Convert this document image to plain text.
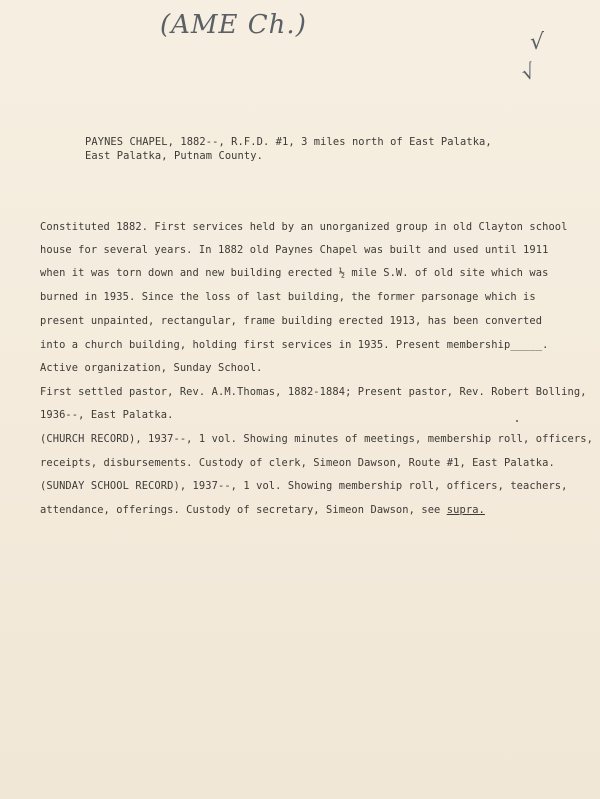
(AME Ch.)
√
√
PAYNES CHAPEL, 1882--, R.F.D. #1, 3 miles north of East Palatka,
East Palatka, Putnam County.
Constituted 1882. First services held by an unorganized group in old Clayton school
house for several years. In 1882 old Paynes Chapel was built and used until 1911
when it was torn down and new building erected ½ mile S.W. of old site which was
burned in 1935. Since the loss of last building, the former parsonage which is
present unpainted, rectangular, frame building erected 1913, has been converted
into a church building, holding first services in 1935. Present membership_____.
Active organization, Sunday School.
First settled pastor, Rev. A.M.Thomas, 1882-1884; Present pastor, Rev. Robert Bolling,
1936--, East Palatka.
(CHURCH RECORD), 1937--, 1 vol. Showing minutes of meetings, membership roll, officers,
receipts, disbursements. Custody of clerk, Simeon Dawson, Route #1, East Palatka.
(SUNDAY SCHOOL RECORD), 1937--, 1 vol. Showing membership roll, officers, teachers,
attendance, offerings. Custody of secretary, Simeon Dawson, see supra.
